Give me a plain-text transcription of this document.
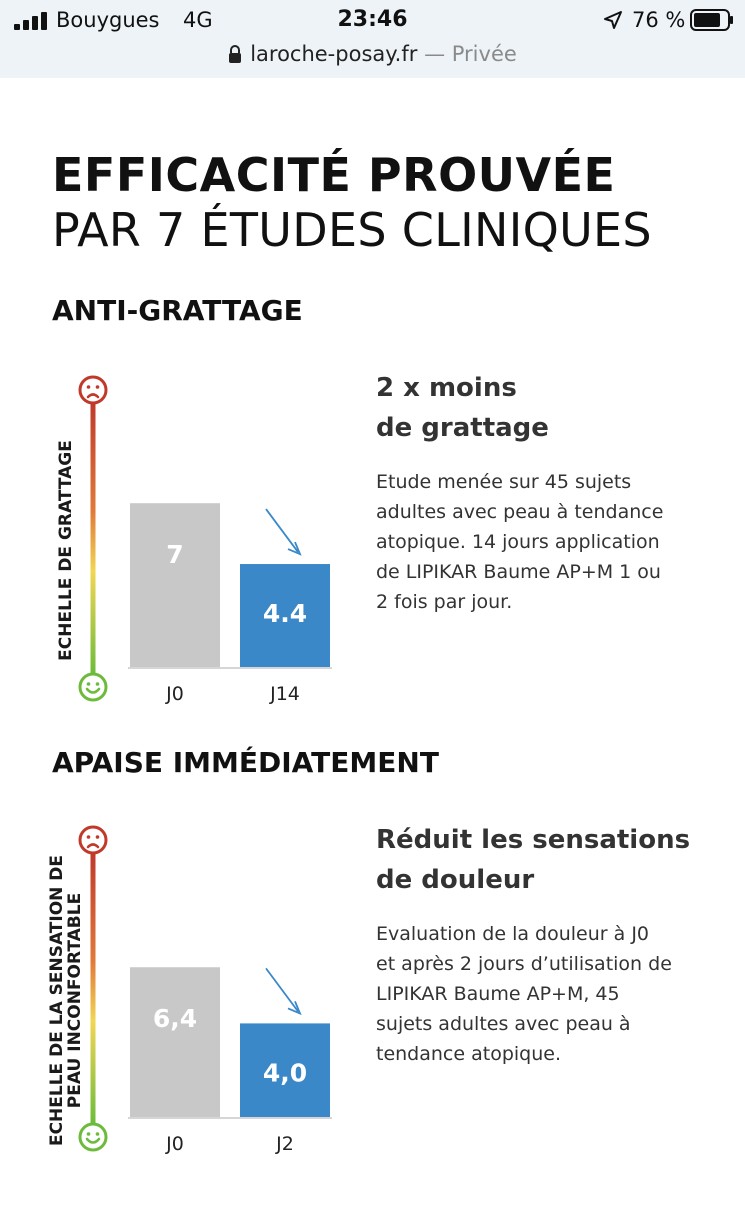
Bouygues 4G	23:46	76 %
laroche-posay.fr — Privée
EFFICACITÉ PROUVÉE
PAR 7 ÉTUDES CLINIQUES
ANTI-GRATTAGE
ECHELLE DE GRATTAGE	7
J0
4.4
J14
2 x moins
de grattage
Etude menée sur 45 sujets
adultes avec peau à tendance
atopique. 14 jours application
de LIPIKAR Baume AP+M 1 ou
2 fois par jour.
APAISE IMMÉDIATEMENT
ECHELLE DE LA SENSATION DE
PEAU INCONFORTABLE	6,4
J0
4,0
J2
Réduit les sensations
de douleur
Evaluation de la douleur à J0
et après 2 jours d’utilisation de
LIPIKAR Baume AP+M, 45
sujets adultes avec peau à
tendance atopique.
